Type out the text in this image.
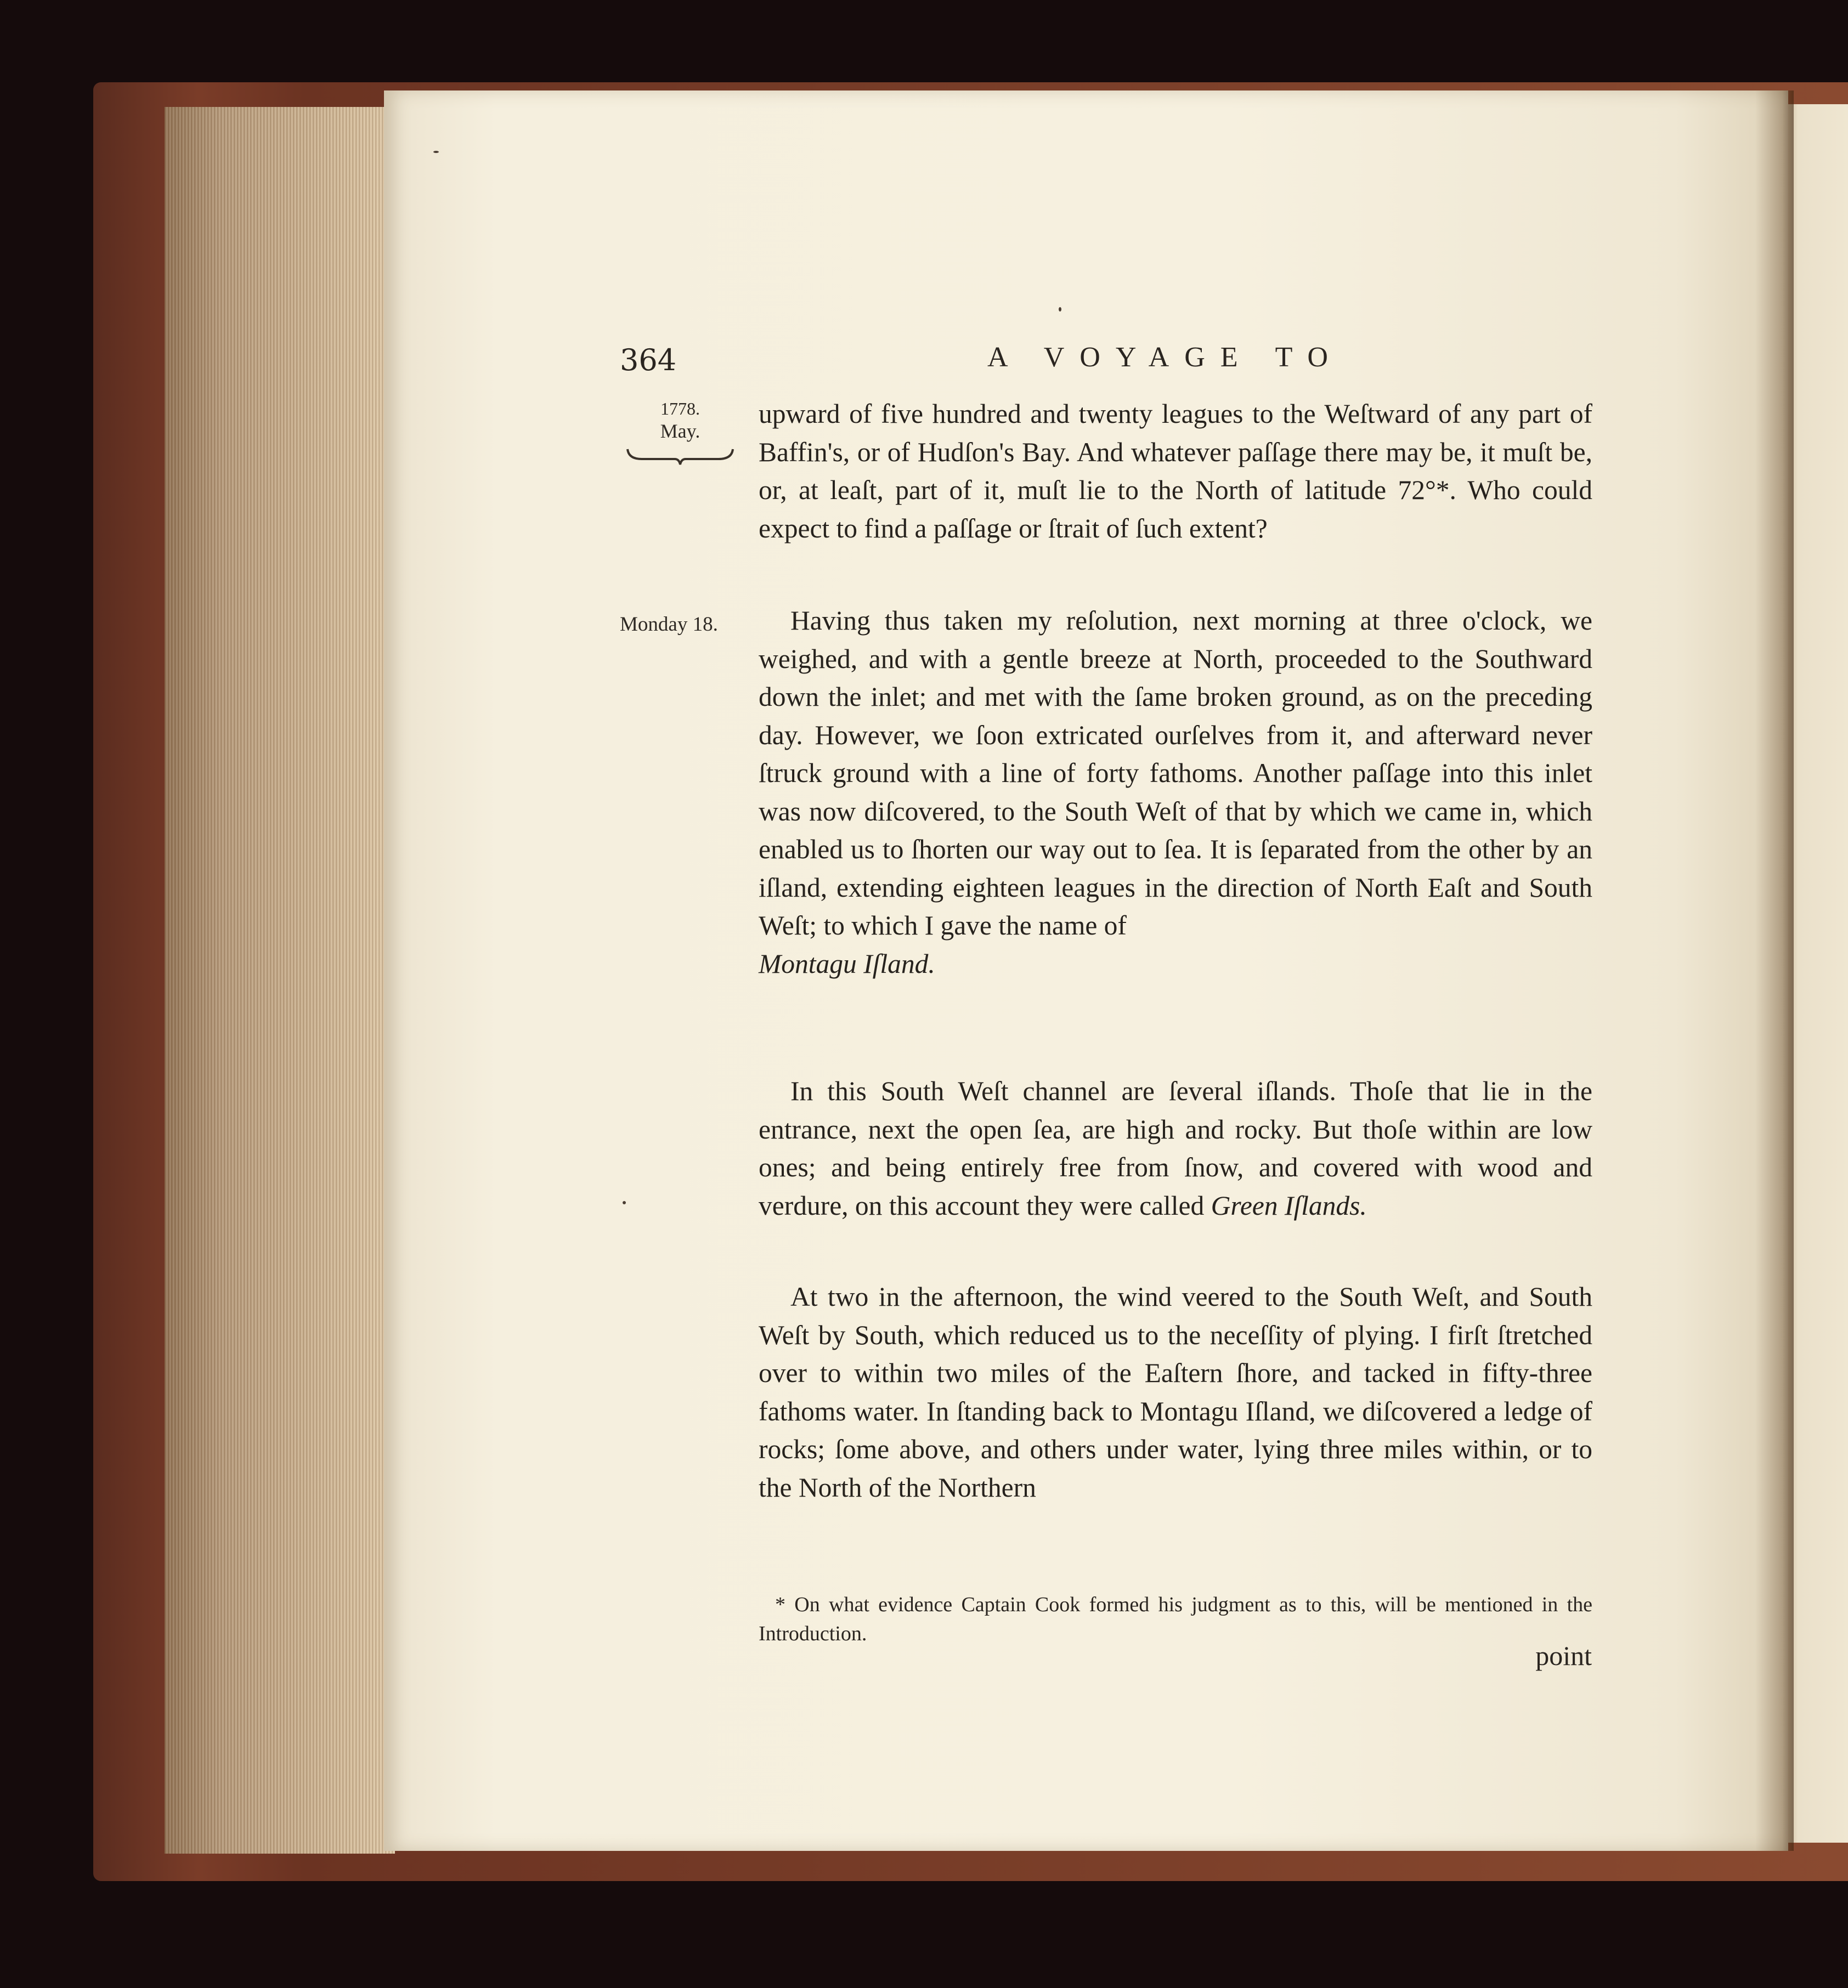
364	A VOYAGE TO
1778.
May.
Monday 18.

upward of five hundred and twenty leagues to the Weſtward of any part of Baffin's, or of Hudſon's Bay. And whatever paſſage there may be, it muſt be, or, at leaſt, part of it, muſt lie to the North of latitude 72°*. Who could expect to find a paſſage or ſtrait of ſuch extent?

Having thus taken my reſolution, next morning at three o'clock, we weighed, and with a gentle breeze at North, proceeded to the Southward down the inlet; and met with the ſame broken ground, as on the preceding day. However, we ſoon extricated ourſelves from it, and afterward never ſtruck ground with a line of forty fathoms. Another paſſage into this inlet was now diſcovered, to the South Weſt of that by which we came in, which enabled us to ſhorten our way out to ſea. It is ſeparated from the other by an iſland, extending eighteen leagues in the direction of North Eaſt and South Weſt; to which I gave the name of
Montagu Iſland.

In this South Weſt channel are ſeveral iſlands. Thoſe that lie in the entrance, next the open ſea, are high and rocky. But thoſe within are low ones; and being entirely free from ſnow, and covered with wood and verdure, on this account they were called Green Iſlands.

At two in the afternoon, the wind veered to the South Weſt, and South Weſt by South, which reduced us to the neceſſity of plying. I firſt ſtretched over to within two miles of the Eaſtern ſhore, and tacked in fifty-three fathoms water. In ſtanding back to Montagu Iſland, we diſcovered a ledge of rocks; ſome above, and others under water, lying three miles within, or to the North of the Northern

* On what evidence Captain Cook formed his judgment as to this, will be mentioned in the Introduction.
point
